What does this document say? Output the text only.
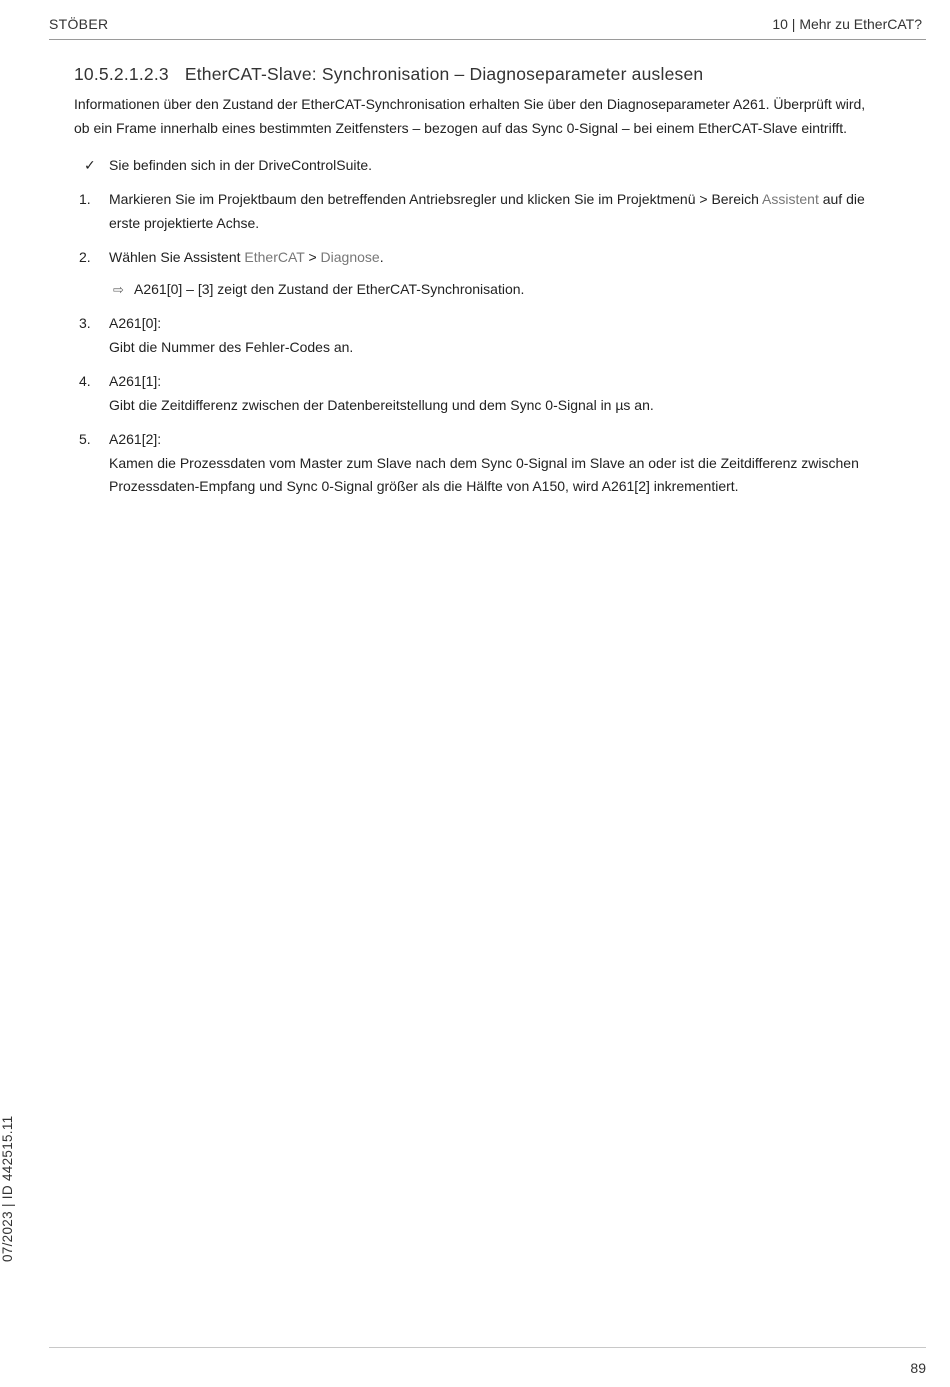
STÖBER	10 | Mehr zu EtherCAT?
10.5.2.1.2.3 EtherCAT-Slave: Synchronisation – Diagnoseparameter auslesen

Informationen über den Zustand der EtherCAT-Synchronisation erhalten Sie über den Diagnoseparameter A261. Überprüft wird, ob ein Frame innerhalb eines bestimmten Zeitfensters – bezogen auf das Sync 0-Signal – bei einem EtherCAT-Slave eintrifft.

✓ Sie befinden sich in der DriveControlSuite.
1.	Markieren Sie im Projektbaum den betreffenden Antriebsregler und klicken Sie im Projektmenü > Bereich Assistent auf die erste projektierte Achse.
2.	Wählen Sie Assistent EtherCAT > Diagnose.
⇨ A261[0] – [3] zeigt den Zustand der EtherCAT-Synchronisation.
3.	A261[0]:
Gibt die Nummer des Fehler-Codes an.
4.	A261[1]:
Gibt die Zeitdifferenz zwischen der Datenbereitstellung und dem Sync 0-Signal in µs an.
5.	A261[2]:
Kamen die Prozessdaten vom Master zum Slave nach dem Sync 0-Signal im Slave an oder ist die Zeitdifferenz zwischen Prozessdaten-Empfang und Sync 0-Signal größer als die Hälfte von A150, wird A261[2] inkrementiert.
07/2023 | ID 442515.11
89
